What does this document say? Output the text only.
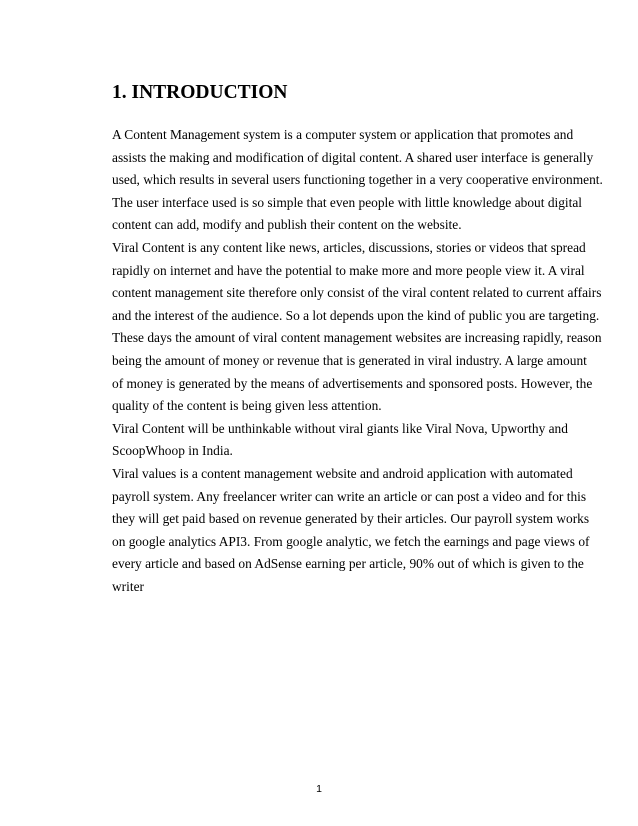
1. INTRODUCTION
A Content Management system is a computer system or application that promotes and
assists the making and modification of digital content. A shared user interface is generally
used, which results in several users functioning together in a very cooperative environment.
The user interface used is so simple that even people with little knowledge about digital
content can add, modify and publish their content on the website.
Viral Content is any content like news, articles, discussions, stories or videos that spread
rapidly on internet and have the potential to make more and more people view it. A viral
content management site therefore only consist of the viral content related to current affairs
and the interest of the audience. So a lot depends upon the kind of public you are targeting.
These days the amount of viral content management websites are increasing rapidly, reason
being the amount of money or revenue that is generated in viral industry. A large amount
of money is generated by the means of advertisements and sponsored posts. However, the
quality of the content is being given less attention.
Viral Content will be unthinkable without viral giants like Viral Nova, Upworthy and
ScoopWhoop in India.
Viral values is a content management website and android application with automated
payroll system. Any freelancer writer can write an article or can post a video and for this
they will get paid based on revenue generated by their articles. Our payroll system works
on google analytics API3. From google analytic, we fetch the earnings and page views of
every article and based on AdSense earning per article, 90% out of which is given to the
writer
1
